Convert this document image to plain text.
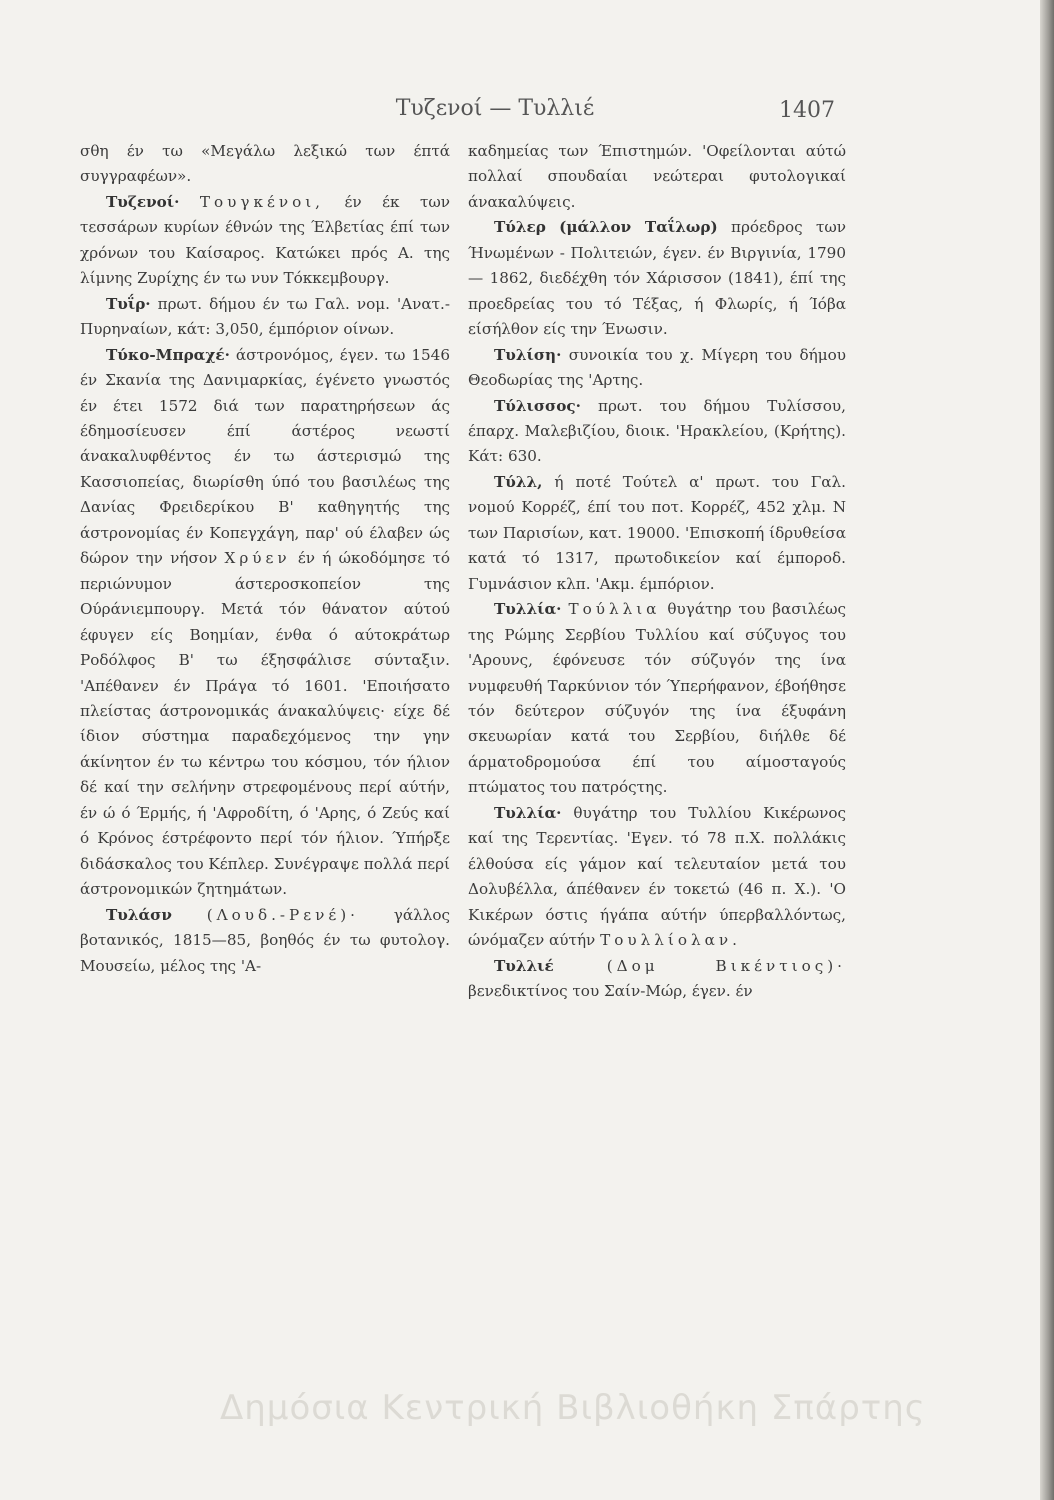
Τυζενοί — Τυλλιέ	1407

σθη έν τω «Μεγάλω λεξικώ των έπτά συγγραφέων».

Τυζενοί· Τουγκένοι, έν έκ των τεσσάρων κυρίων έθνών της Έλβετίας έπί των χρόνων του Καίσαρος. Κατώκει πρός Α. της λίμνης Ζυρίχης έν τω νυν Τόκκεμβουργ.

Τυΐρ· πρωτ. δήμου έν τω Γαλ. νομ. 'Ανατ.-Πυρηναίων, κάτ: 3,050, έμπόριον οίνων.

Τύκο-Μπραχέ· άστρονόμος, έγεν. τω 1546 έν Σκανία της Δανιμαρκίας, έγένετο γνωστός έν έτει 1572 διά των παρατηρήσεων άς έδημοσίευσεν έπί άστέρος νεωστί άνακαλυφθέντος έν τω άστερισμώ της Κασσιοπείας, διωρίσθη ύπό του βασιλέως της Δανίας Φρειδερίκου Β' καθηγητής της άστρονομίας έν Κοπεγχάγη, παρ' ού έλαβεν ώς δώρον την νήσον Χρύεν έν ή ώκοδόμησε τό περιώνυμον άστεροσκοπείον της Ούράνιεμπουργ. Μετά τόν θάνατον αύτού έφυγεν είς Βοημίαν, ένθα ό αύτοκράτωρ Ροδόλφος Β' τω έξησφάλισε σύνταξιν. 'Απέθανεν έν Πράγα τό 1601. 'Εποιήσατο πλείστας άστρονομικάς άνακαλύψεις· είχε δέ ίδιον σύστημα παραδεχόμενος την γην άκίνητον έν τω κέντρω του κόσμου, τόν ήλιον δέ καί την σελήνην στρεφομένους περί αύτήν, έν ώ ό Έρμής, ή 'Αφροδίτη, ό 'Αρης, ό Ζεύς καί ό Κρόνος έστρέφοντο περί τόν ήλιον. Ύπήρξε διδάσκαλος του Κέπλερ. Συνέγραψε πολλά περί άστρονομικών ζητημάτων.

Τυλάσν (Λουδ.-Ρενέ)· γάλλος βοτανικός, 1815—85, βοηθός έν τω φυτολογ. Μουσείω, μέλος της 'Α-

καδημείας των Έπιστημών. 'Οφείλονται αύτώ πολλαί σπουδαίαι νεώτεραι φυτολογικαί άνακαλύψεις.

Τύλερ (μάλλον Ταΐλωρ) πρόεδρος των Ήνωμένων - Πολιτειών, έγεν. έν Βιργινία, 1790 — 1862, διεδέχθη τόν Χάρισσον (1841), έπί της προεδρείας του τό Τέξας, ή Φλωρίς, ή Ίόβα είσήλθον είς την Ένωσιν.

Τυλίση· συνοικία του χ. Μίγερη του δήμου Θεοδωρίας της 'Αρτης.

Τύλισσος· πρωτ. του δήμου Τυλίσσου, έπαρχ. Μαλεβιζίου, διοικ. 'Ηρακλείου, (Κρήτης). Κάτ: 630.

Τύλλ, ή ποτέ Τούτελ α' πρωτ. του Γαλ. νομού Κορρέζ, έπί του ποτ. Κορρέζ, 452 χλμ. Ν των Παρισίων, κατ. 19000. 'Επισκοπή ίδρυθείσα κατά τό 1317, πρωτοδικείον καί έμποροδ. Γυμνάσιον κλπ. 'Ακμ. έμπόριον.

Τυλλία· Τούλλια θυγάτηρ του βασιλέως της Ρώμης Σερβίου Τυλλίου καί σύζυγος του 'Αρουνς, έφόνευσε τόν σύζυγόν της ίνα νυμφευθή Ταρκύνιον τόν Ύπερήφανον, έβοήθησε τόν δεύτερον σύζυγόν της ίνα έξυφάνη σκευωρίαν κατά του Σερβίου, διήλθε δέ άρματοδρομούσα έπί του αίμοσταγούς πτώματος του πατρόςτης.

Τυλλία· θυγάτηρ του Τυλλίου Κικέρωνος καί της Τερεντίας. 'Εγεν. τό 78 π.Χ. πολλάκις έλθούσα είς γάμον καί τελευταίον μετά του Δολυβέλλα, άπέθανεν έν τοκετώ (46 π. Χ.). 'Ο Κικέρων όστις ήγάπα αύτήν ύπερβαλλόντως, ώνόμαζεν αύτήν Τουλλίολαν.

Τυλλιέ	(Δομ Βικέντιος)· βενεδικτίνος του Σαίν-Μώρ, έγεν. έν

Δημόσια Κεντρική Βιβλιοθήκη Σπάρτης
